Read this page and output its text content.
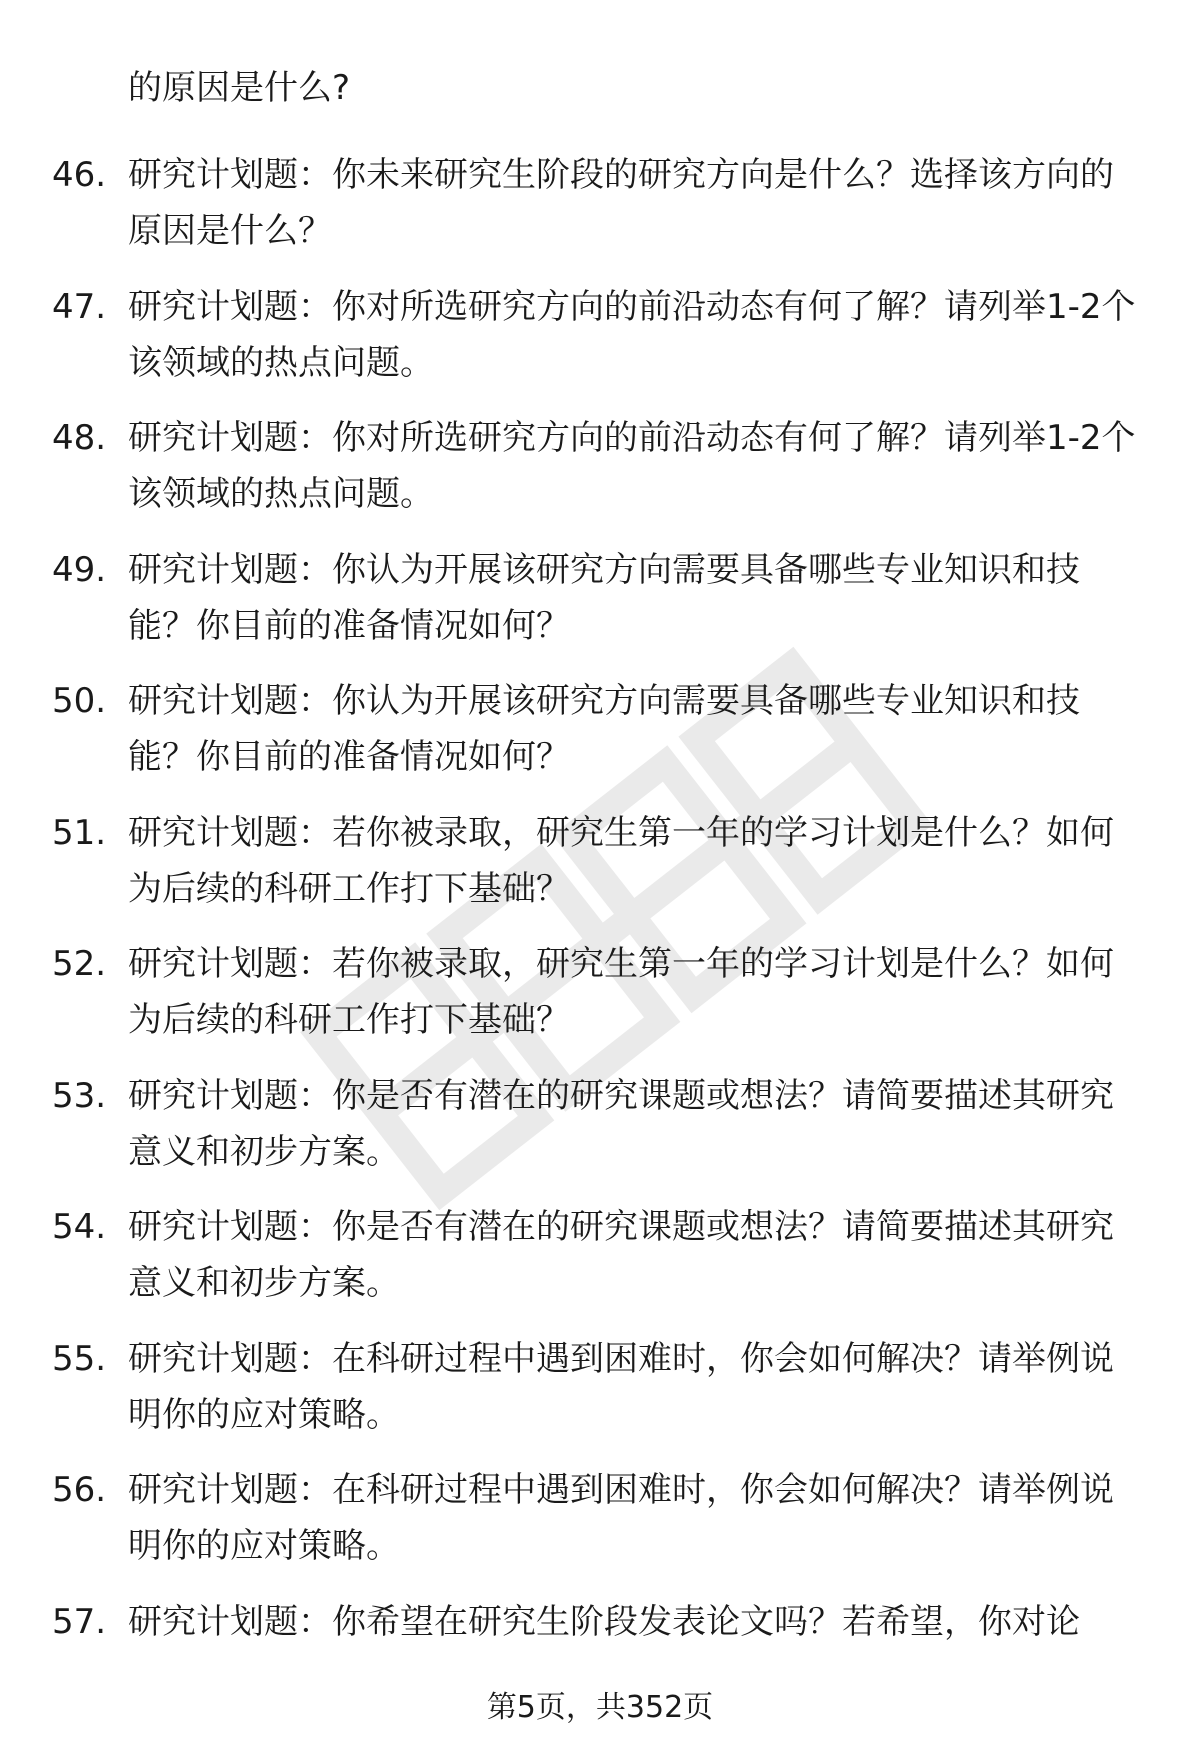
的原因是什么?
46. 研究计划题：你未来研究生阶段的研究方向是什么？选择该方向的原因是什么？
47. 研究计划题：你对所选研究方向的前沿动态有何了解？请列举1-2个该领域的热点问题。
48. 研究计划题：你对所选研究方向的前沿动态有何了解？请列举1-2个该领域的热点问题。
49. 研究计划题：你认为开展该研究方向需要具备哪些专业知识和技能？你目前的准备情况如何？
50. 研究计划题：你认为开展该研究方向需要具备哪些专业知识和技能？你目前的准备情况如何？
51. 研究计划题：若你被录取，研究生第一年的学习计划是什么？如何为后续的科研工作打下基础？
52. 研究计划题：若你被录取，研究生第一年的学习计划是什么？如何为后续的科研工作打下基础？
53. 研究计划题：你是否有潜在的研究课题或想法？请简要描述其研究意义和初步方案。
54. 研究计划题：你是否有潜在的研究课题或想法？请简要描述其研究意义和初步方案。
55. 研究计划题：在科研过程中遇到困难时，你会如何解决？请举例说明你的应对策略。
56. 研究计划题：在科研过程中遇到困难时，你会如何解决？请举例说明你的应对策略。
57. 研究计划题：你希望在研究生阶段发表论文吗？若希望，你对论
第5页，共352页
